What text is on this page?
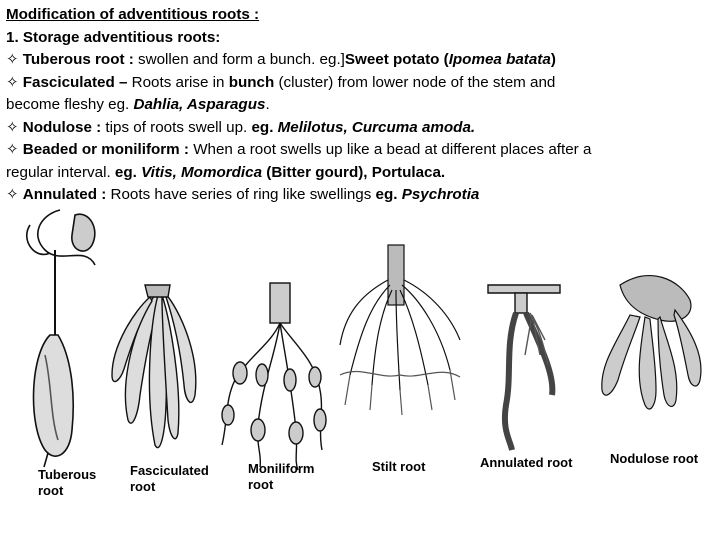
Modification of adventitious roots :
1. Storage adventitious roots:
✧ Tuberous root : swollen and form a bunch. eg.]Sweet potato (Ipomea batata)
✧ Fasciculated – Roots arise in bunch (cluster) from lower node of the stem and
become fleshy eg. Dahlia, Asparagus.
✧ Nodulose : tips of roots swell up. eg. Melilotus, Curcuma amoda.
✧ Beaded or moniliform : When a root swells up like a bead at different places after a
regular interval. eg. Vitis, Momordica (Bitter gourd), Portulaca.
✧ Annulated : Roots have series of ring like swellings eg. Psychrotia
Tuberous
root
Fasciculated
root
Moniliform
root
Stilt root	Annulated root	Nodulose root
